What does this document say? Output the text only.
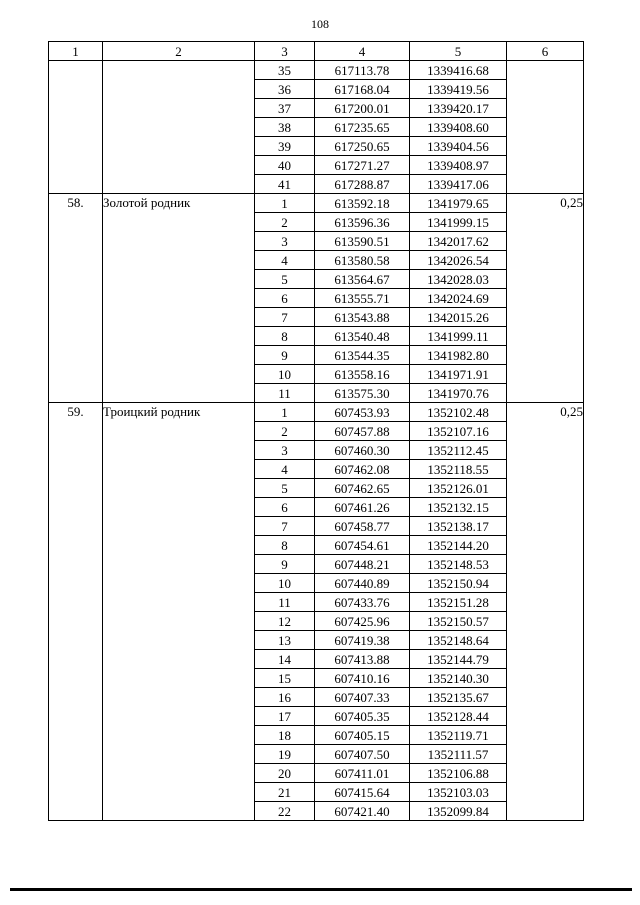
108
1	2	3	4	5	6
		35	617113.78	1339416.68	
		36	617168.04	1339419.56	
		37	617200.01	1339420.17	
		38	617235.65	1339408.60	
		39	617250.65	1339404.56	
		40	617271.27	1339408.97	
		41	617288.87	1339417.06	
58.	Золотой родник	1	613592.18	1341979.65	0,25
		2	613596.36	1341999.15	
		3	613590.51	1342017.62	
		4	613580.58	1342026.54	
		5	613564.67	1342028.03	
		6	613555.71	1342024.69	
		7	613543.88	1342015.26	
		8	613540.48	1341999.11	
		9	613544.35	1341982.80	
		10	613558.16	1341971.91	
		11	613575.30	1341970.76	
59.	Троицкий родник	1	607453.93	1352102.48	0,25
		2	607457.88	1352107.16	
		3	607460.30	1352112.45	
		4	607462.08	1352118.55	
		5	607462.65	1352126.01	
		6	607461.26	1352132.15	
		7	607458.77	1352138.17	
		8	607454.61	1352144.20	
		9	607448.21	1352148.53	
		10	607440.89	1352150.94	
		11	607433.76	1352151.28	
		12	607425.96	1352150.57	
		13	607419.38	1352148.64	
		14	607413.88	1352144.79	
		15	607410.16	1352140.30	
		16	607407.33	1352135.67	
		17	607405.35	1352128.44	
		18	607405.15	1352119.71	
		19	607407.50	1352111.57	
		20	607411.01	1352106.88	
		21	607415.64	1352103.03	
		22	607421.40	1352099.84	
